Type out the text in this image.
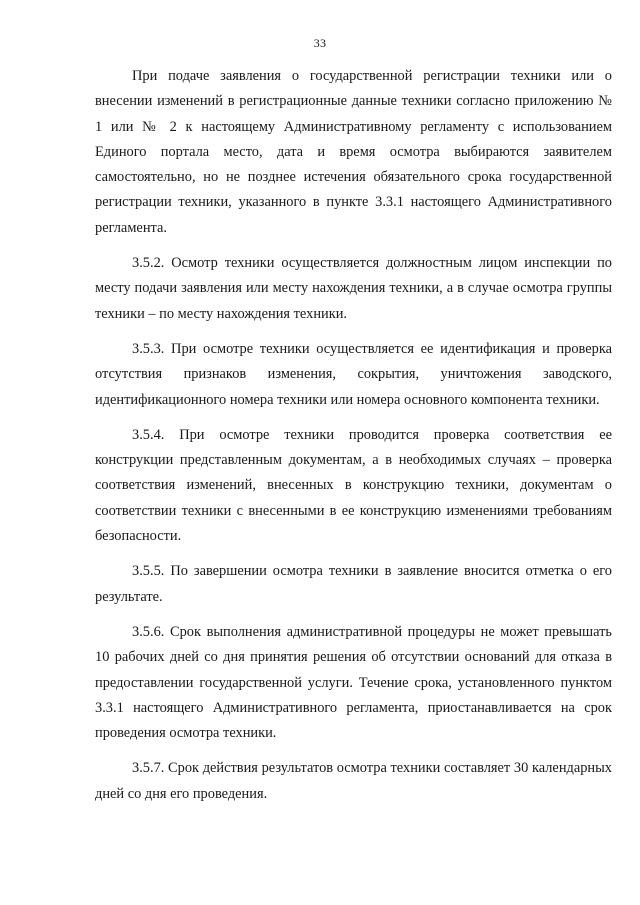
33

При подаче заявления о государственной регистрации техники или о внесении изменений в регистрационные данные техники согласно приложению № 1 или № 2 к настоящему Административному регламенту с использованием Единого портала место, дата и время осмотра выбираются заявителем самостоятельно, но не позднее истечения обязательного срока государственной регистрации техники, указанного в пункте 3.3.1 настоящего Административного регламента.

3.5.2. Осмотр техники осуществляется должностным лицом инспекции по месту подачи заявления или месту нахождения техники, а в случае осмотра группы техники – по месту нахождения техники.

3.5.3. При осмотре техники осуществляется ее идентификация и проверка отсутствия признаков изменения, сокрытия, уничтожения заводского, идентификационного номера техники или номера основного компонента техники.

3.5.4. При осмотре техники проводится проверка соответствия ее конструкции представленным документам, а в необходимых случаях – проверка соответствия изменений, внесенных в конструкцию техники, документам о соответствии техники с внесенными в ее конструкцию изменениями требованиям безопасности.

3.5.5. По завершении осмотра техники в заявление вносится отметка о его результате.

3.5.6. Срок выполнения административной процедуры не может превышать 10 рабочих дней со дня принятия решения об отсутствии оснований для отказа в предоставлении государственной услуги. Течение срока, установленного пунктом 3.3.1 настоящего Административного регламента, приостанавливается на срок проведения осмотра техники.

3.5.7. Срок действия результатов осмотра техники составляет 30 календарных дней со дня его проведения.
